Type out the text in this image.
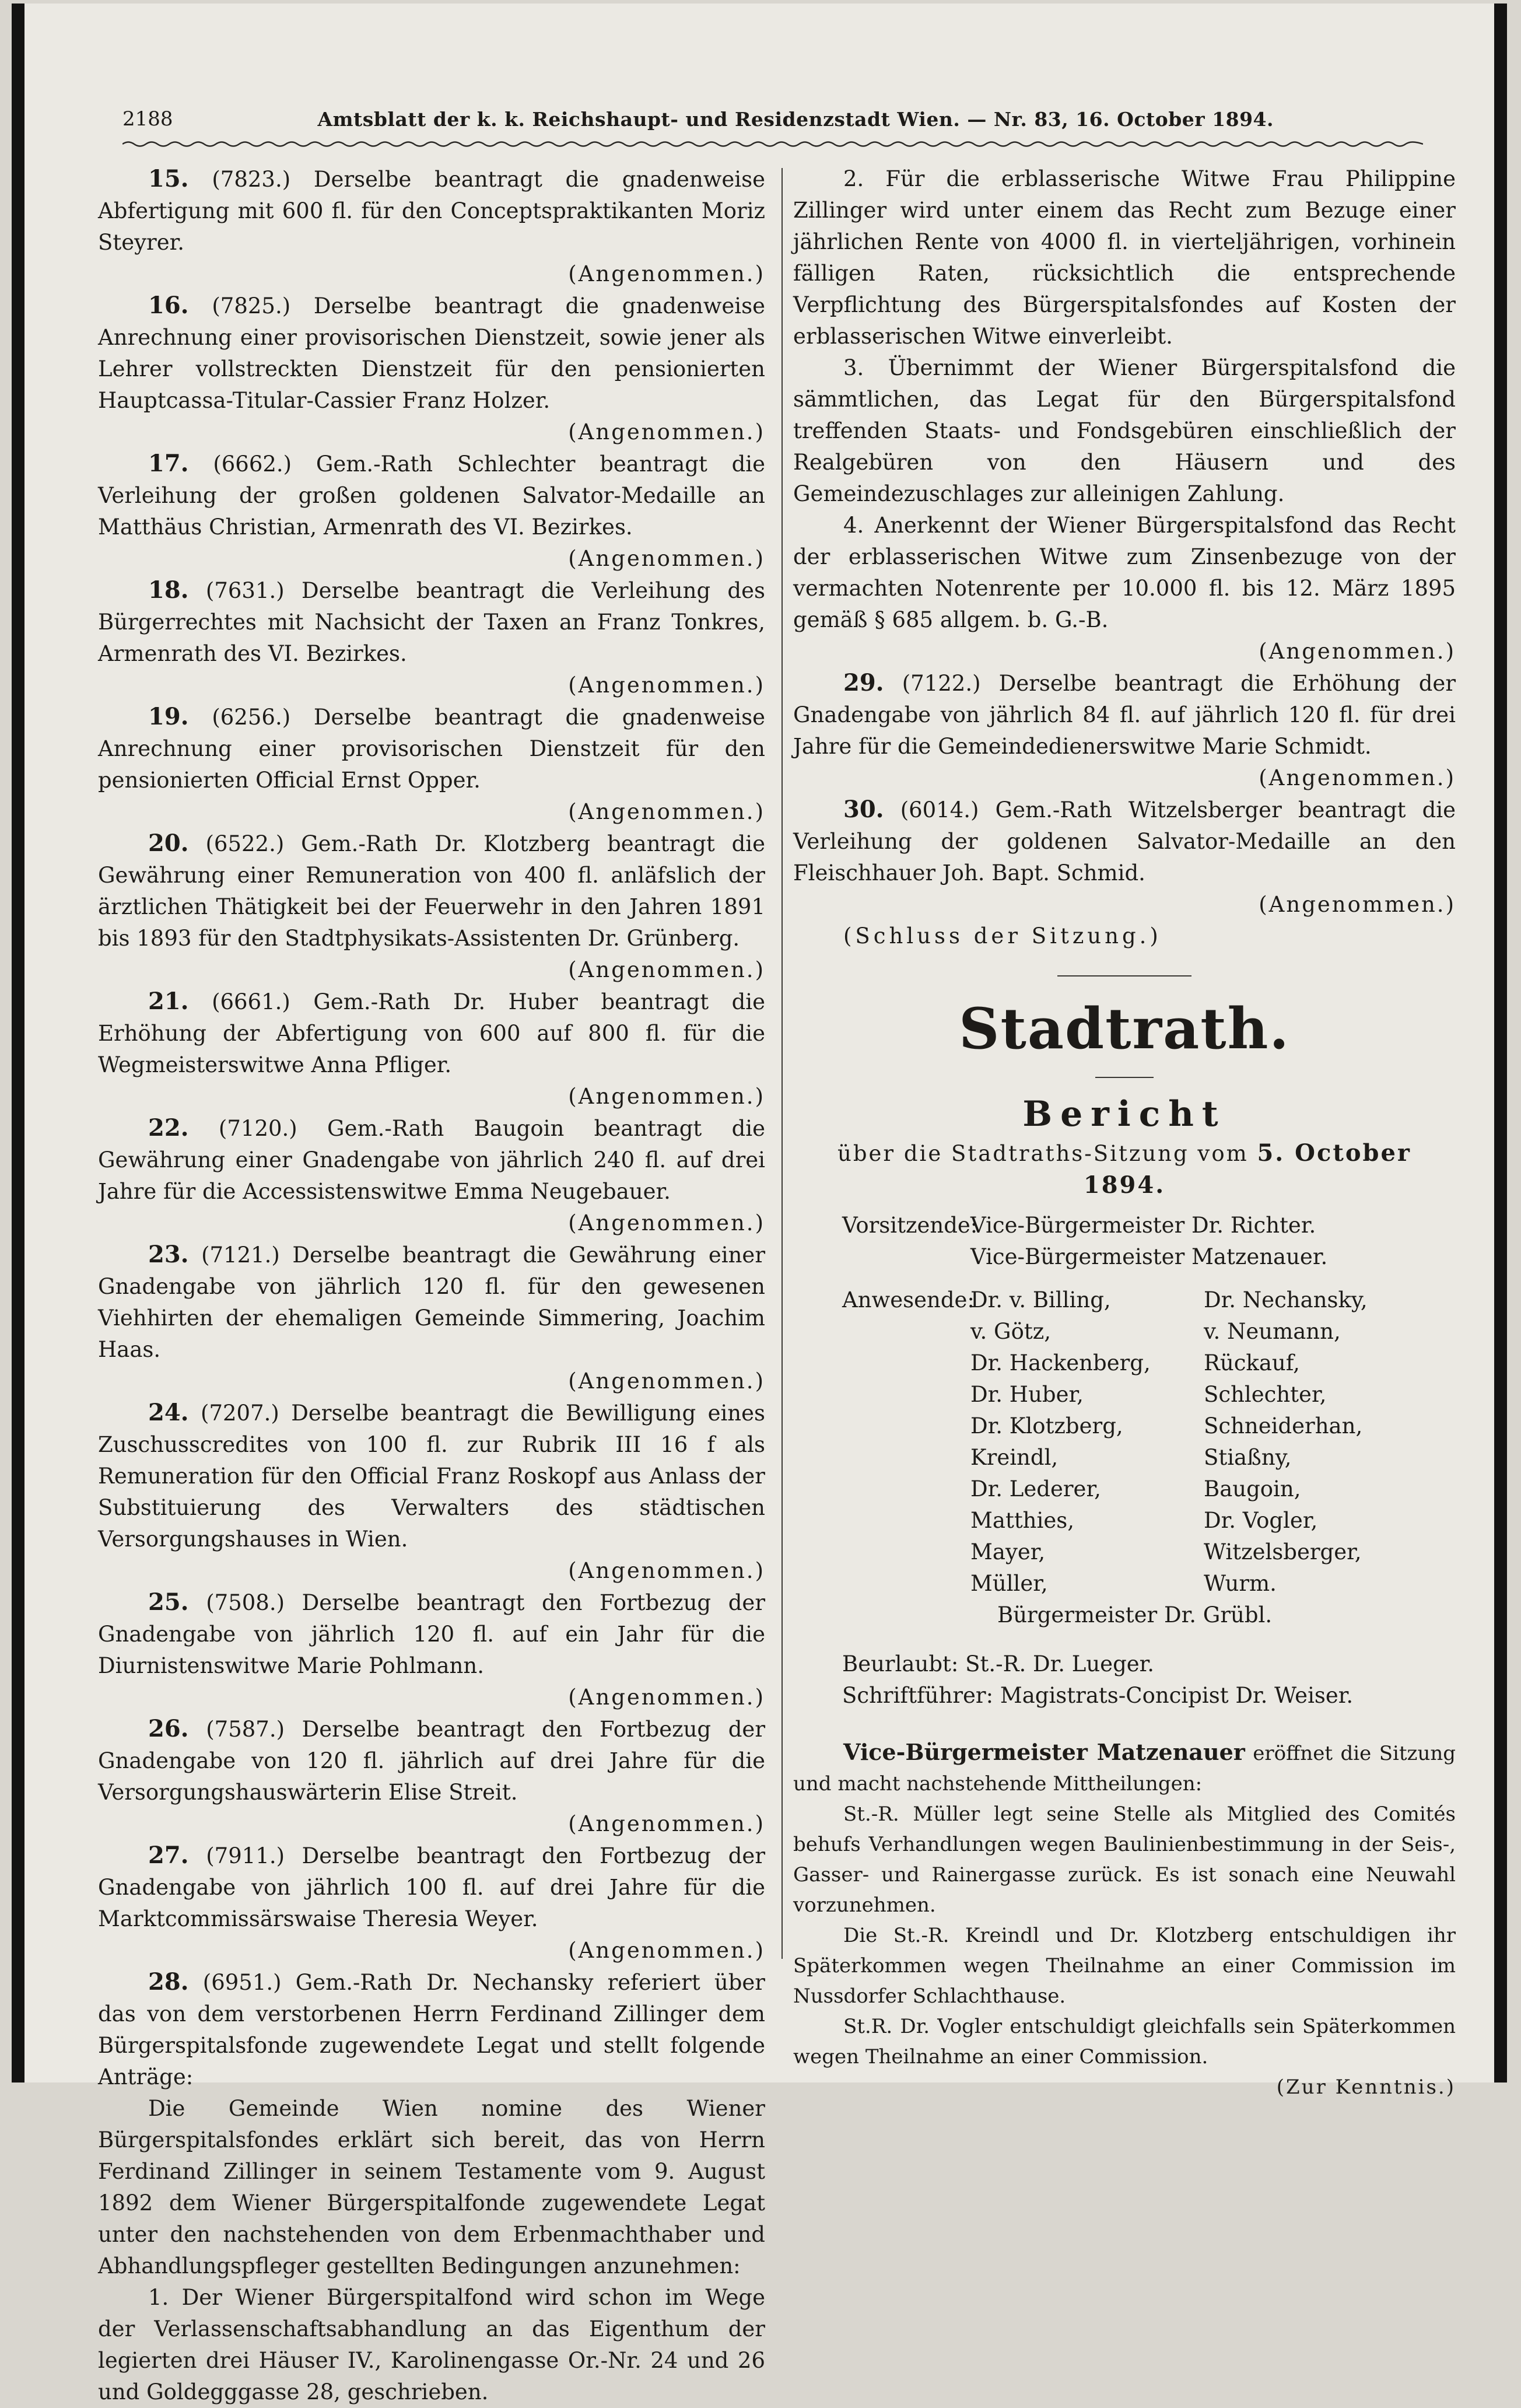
2188	Amtsblatt der k. k. Reichshaupt- und Residenzstadt Wien. — Nr. 83, 16. October 1894.

15. (7823.) Derselbe beantragt die gnadenweise Abfertigung mit 600 fl. für den Conceptspraktikanten Moriz Steyrer.

(Angenommen.)

16. (7825.) Derselbe beantragt die gnadenweise Anrechnung einer provisorischen Dienstzeit, sowie jener als Lehrer vollstreckten Dienstzeit für den pensionierten Hauptcassa-Titular-Cassier Franz Holzer.

(Angenommen.)

17. (6662.) Gem.-Rath Schlechter beantragt die Verleihung der großen goldenen Salvator-Medaille an Matthäus Christian, Armenrath des VI. Bezirkes.

(Angenommen.)

18. (7631.) Derselbe beantragt die Verleihung des Bürgerrechtes mit Nachsicht der Taxen an Franz Tonkres, Armenrath des VI. Bezirkes.

(Angenommen.)

19. (6256.) Derselbe beantragt die gnadenweise Anrechnung einer provisorischen Dienstzeit für den pensionierten Official Ernst Opper.

(Angenommen.)

20. (6522.) Gem.-Rath Dr. Klotzberg beantragt die Gewährung einer Remuneration von 400 fl. anläfslich der ärztlichen Thätigkeit bei der Feuerwehr in den Jahren 1891 bis 1893 für den Stadtphysikats-Assistenten Dr. Grünberg.

(Angenommen.)

21. (6661.) Gem.-Rath Dr. Huber beantragt die Erhöhung der Abfertigung von 600 auf 800 fl. für die Wegmeisterswitwe Anna Pfliger.

(Angenommen.)

22. (7120.) Gem.-Rath Baugoin beantragt die Gewährung einer Gnadengabe von jährlich 240 fl. auf drei Jahre für die Accessistenswitwe Emma Neugebauer.

(Angenommen.)

23. (7121.) Derselbe beantragt die Gewährung einer Gnadengabe von jährlich 120 fl. für den gewesenen Viehhirten der ehemaligen Gemeinde Simmering, Joachim Haas.

(Angenommen.)

24. (7207.) Derselbe beantragt die Bewilligung eines Zuschusscredites von 100 fl. zur Rubrik III 16 f als Remuneration für den Official Franz Roskopf aus Anlass der Substituierung des Verwalters des städtischen Versorgungshauses in Wien.

(Angenommen.)

25. (7508.) Derselbe beantragt den Fortbezug der Gnadengabe von jährlich 120 fl. auf ein Jahr für die Diurnistenswitwe Marie Pohlmann.

(Angenommen.)

26. (7587.) Derselbe beantragt den Fortbezug der Gnadengabe von 120 fl. jährlich auf drei Jahre für die Versorgungshauswärterin Elise Streit.

(Angenommen.)

27. (7911.) Derselbe beantragt den Fortbezug der Gnadengabe von jährlich 100 fl. auf drei Jahre für die Marktcommissärswaise Theresia Weyer.

(Angenommen.)

28. (6951.) Gem.-Rath Dr. Nechansky referiert über das von dem verstorbenen Herrn Ferdinand Zillinger dem Bürgerspitalsfonde zugewendete Legat und stellt folgende Anträge:

Die Gemeinde Wien nomine des Wiener Bürgerspitalsfondes erklärt sich bereit, das von Herrn Ferdinand Zillinger in seinem Testamente vom 9. August 1892 dem Wiener Bürgerspitalfonde zugewendete Legat unter den nachstehenden von dem Erbenmachthaber und Abhandlungspfleger gestellten Bedingungen anzunehmen:

1. Der Wiener Bürgerspitalfond wird schon im Wege der Verlassenschaftsabhandlung an das Eigenthum der legierten drei Häuser IV., Karolinengasse Or.-Nr. 24 und 26 und Goldegggasse 28, geschrieben.

2. Für die erblasserische Witwe Frau Philippine Zillinger wird unter einem das Recht zum Bezuge einer jährlichen Rente von 4000 fl. in vierteljährigen, vorhinein fälligen Raten, rücksichtlich die entsprechende Verpflichtung des Bürgerspitalsfondes auf Kosten der erblasserischen Witwe einverleibt.

3. Übernimmt der Wiener Bürgerspitalsfond die sämmtlichen, das Legat für den Bürgerspitalsfond treffenden Staats- und Fondsgebüren einschließlich der Realgebüren von den Häusern und des Gemeindezuschlages zur alleinigen Zahlung.

4. Anerkennt der Wiener Bürgerspitalsfond das Recht der erblasserischen Witwe zum Zinsenbezuge von der vermachten Notenrente per 10.000 fl. bis 12. März 1895 gemäß § 685 allgem. b. G.-B.

(Angenommen.)

29. (7122.) Derselbe beantragt die Erhöhung der Gnadengabe von jährlich 84 fl. auf jährlich 120 fl. für drei Jahre für die Gemeindedienerswitwe Marie Schmidt.

(Angenommen.)

30. (6014.) Gem.-Rath Witzelsberger beantragt die Verleihung der goldenen Salvator-Medaille an den Fleischhauer Joh. Bapt. Schmid.

(Angenommen.)

(Schluss der Sitzung.)

Stadtrath.
Bericht

über die Stadtraths-Sitzung vom 5. October 1894.

Vorsitzende:Vice-Bürgermeister Dr. Richter.

Vice-Bürgermeister Matzenauer.

Anwesende:

Dr. v. Billing,	Dr. Nechansky,
v. Götz,	v. Neumann,
Dr. Hackenberg,	Rückauf,
Dr. Huber,	Schlechter,
Dr. Klotzberg,	Schneiderhan,
Kreindl,	Stiaßny,
Dr. Lederer,	Baugoin,
Matthies,	Dr. Vogler,
Mayer,	Witzelsberger,
Müller,	Wurm.

Bürgermeister Dr. Grübl.

Beurlaubt: St.-R. Dr. Lueger.

Schriftführer: Magistrats-Concipist Dr. Weiser.

Vice-Bürgermeister Matzenauer eröffnet die Sitzung und macht nachstehende Mittheilungen:

St.-R. Müller legt seine Stelle als Mitglied des Comités behufs Verhandlungen wegen Baulinienbestimmung in der Seis-, Gasser- und Rainergasse zurück. Es ist sonach eine Neuwahl vorzunehmen.

Die St.-R. Kreindl und Dr. Klotzberg entschuldigen ihr Späterkommen wegen Theilnahme an einer Commission im Nussdorfer Schlachthause.

St.R. Dr. Vogler entschuldigt gleichfalls sein Späterkommen wegen Theilnahme an einer Commission.

(Zur Kenntnis.)
